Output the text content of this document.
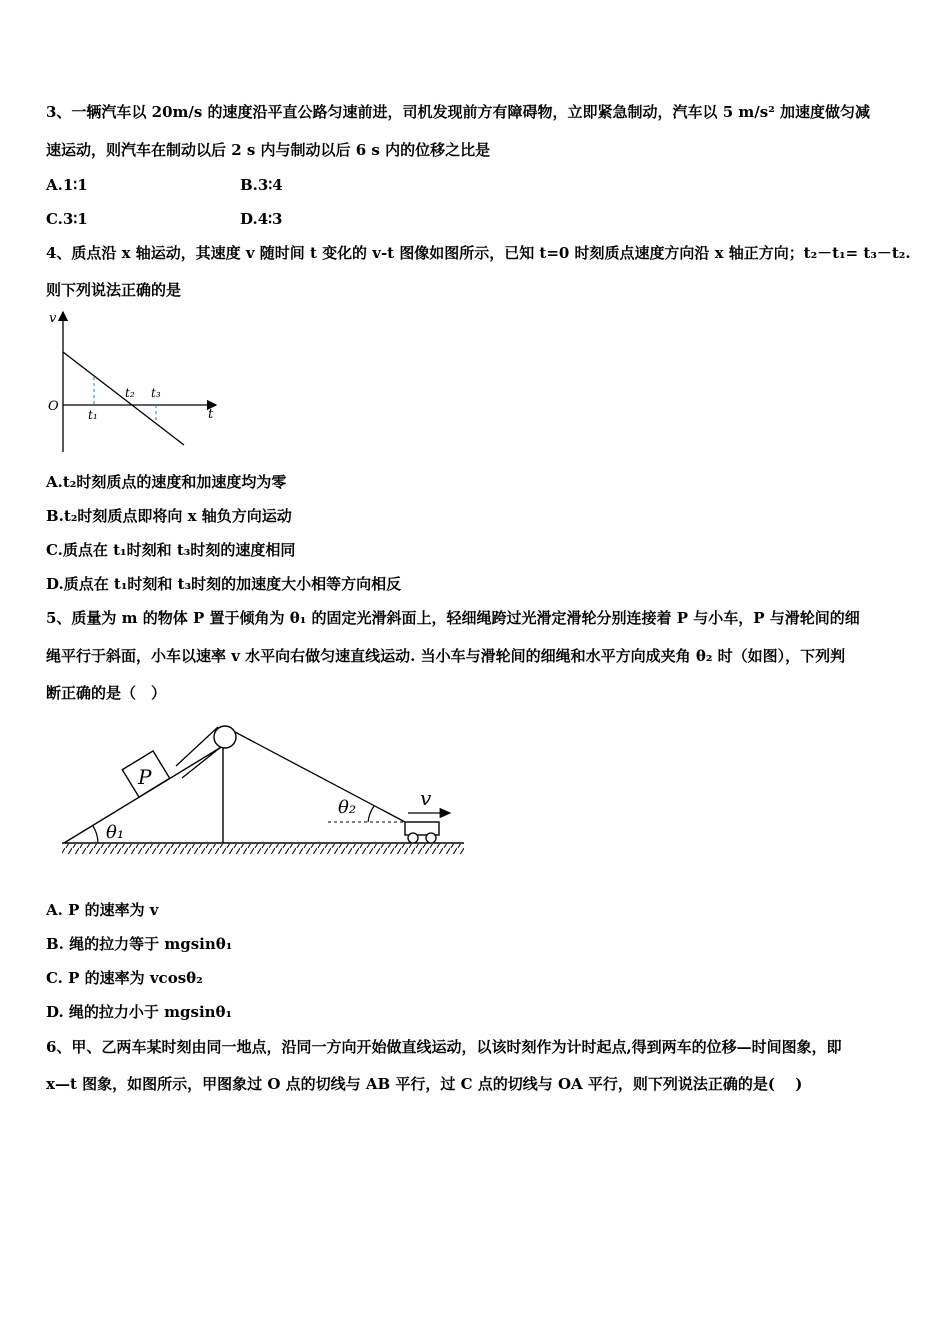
3、一辆汽车以 20m/s 的速度沿平直公路匀速前进，司机发现前方有障碍物，立即紧急制动，汽车以 5 m/s² 加速度做匀减
速运动，则汽车在制动以后 2 s 内与制动以后 6 s 内的位移之比是
A.1∶1	B.3∶4
C.3∶1	D.4∶3
4、质点沿 x 轴运动，其速度 v 随时间 t 变化的 v-t 图像如图所示，已知 t=0 时刻质点速度方向沿 x 轴正方向；t₂－t₁= t₃－t₂.
则下列说法正确的是
v
O
t
t₁
t₂ t₃
A.t₂时刻质点的速度和加速度均为零
B.t₂时刻质点即将向 x 轴负方向运动
C.质点在 t₁时刻和 t₃时刻的速度相同
D.质点在 t₁时刻和 t₃时刻的加速度大小相等方向相反
5、质量为 m 的物体 P 置于倾角为 θ₁ 的固定光滑斜面上，轻细绳跨过光滑定滑轮分别连接着 P 与小车，P 与滑轮间的细
绳平行于斜面，小车以速率 v 水平向右做匀速直线运动. 当小车与滑轮间的细绳和水平方向成夹角 θ₂ 时（如图），下列判
断正确的是（　）
P
θ₁
θ₂	v
A. P 的速率为 v
B. 绳的拉力等于 mgsinθ₁
C. P 的速率为 vcosθ₂
D. 绳的拉力小于 mgsinθ₁
6、甲、乙两车某时刻由同一地点，沿同一方向开始做直线运动，以该时刻作为计时起点,得到两车的位移—时间图象，即
x—t 图象，如图所示，甲图象过 O 点的切线与 AB 平行，过 C 点的切线与 OA 平行，则下列说法正确的是(　 )
